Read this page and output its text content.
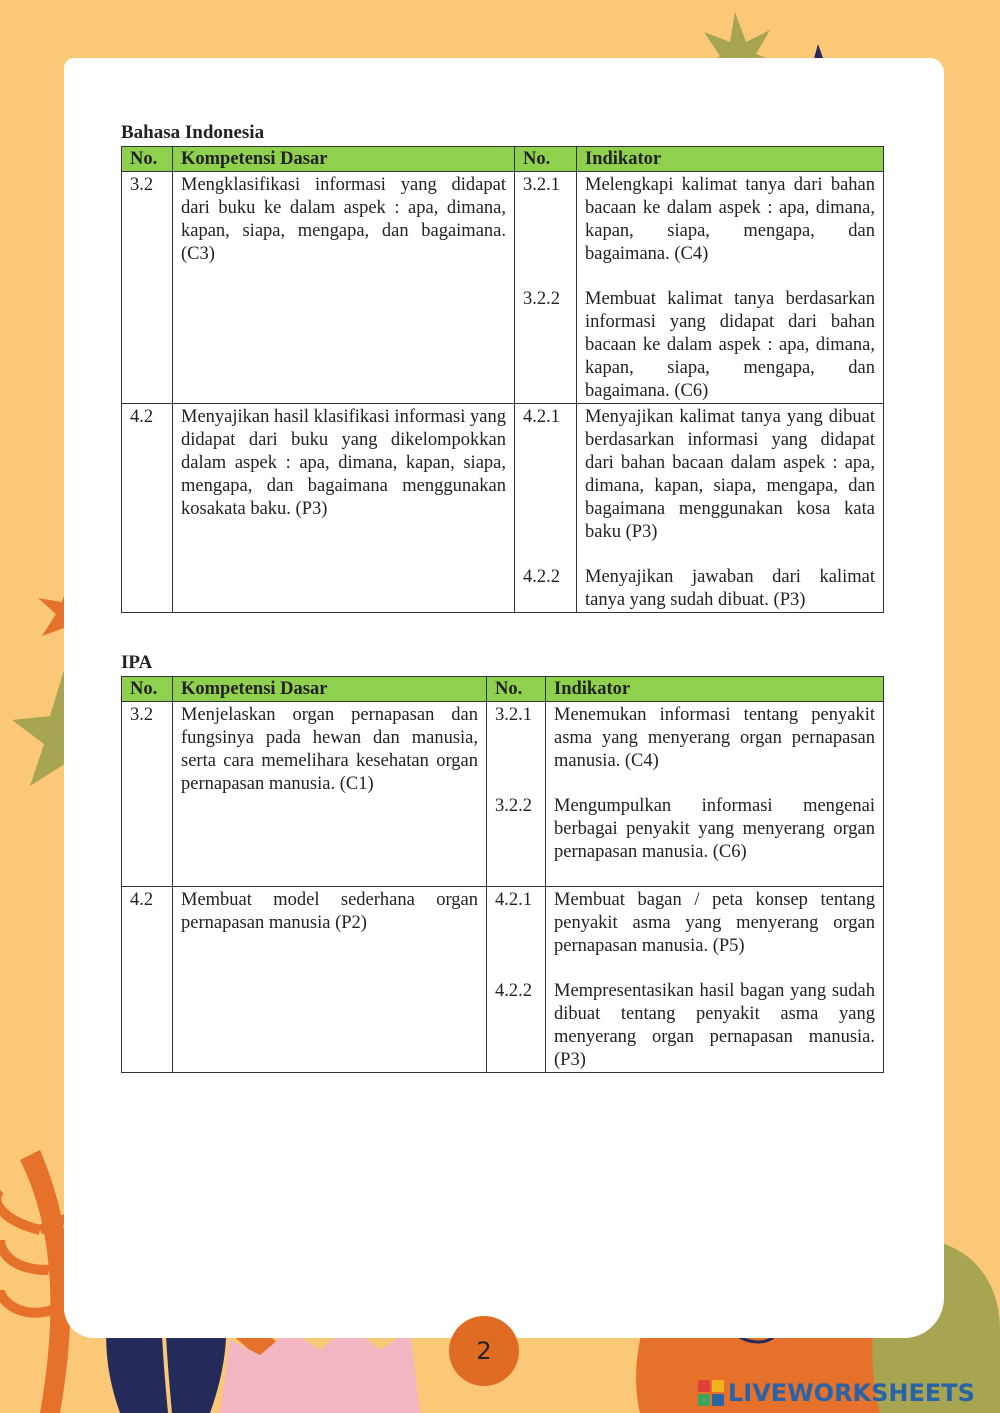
Bahasa Indonesia
No.	Kompetensi Dasar	No.	Indikator
3.2	Mengklasifikasi informasi yang didapat dari buku ke dalam aspek : apa, dimana, kapan, siapa, mengapa, dan bagaimana. (C3)	3.2.1	Melengkapi kalimat tanya dari bahan bacaan ke dalam aspek : apa, dimana, kapan, siapa, mengapa, dan bagaimana. (C4)
		3.2.2	Membuat kalimat tanya berdasarkan informasi yang didapat dari bahan bacaan ke dalam aspek : apa, dimana, kapan, siapa, mengapa, dan bagaimana. (C6)
4.2	Menyajikan hasil klasifikasi informasi yang didapat dari buku yang dikelompokkan dalam aspek : apa, dimana, kapan, siapa, mengapa, dan bagaimana menggunakan kosakata baku. (P3)	4.2.1	Menyajikan kalimat tanya yang dibuat berdasarkan informasi yang didapat dari bahan bacaan dalam aspek : apa, dimana, kapan, siapa, mengapa, dan bagaimana menggunakan kosa kata baku (P3)
		4.2.2	Menyajikan jawaban dari kalimat tanya yang sudah dibuat. (P3)
IPA
No.	Kompetensi Dasar	No.	Indikator
3.2	Menjelaskan organ pernapasan dan fungsinya pada hewan dan manusia, serta cara memelihara kesehatan organ pernapasan manusia. (C1)	3.2.1	Menemukan informasi tentang penyakit asma yang menyerang organ pernapasan manusia. (C4)
		3.2.2	Mengumpulkan informasi mengenai berbagai penyakit yang menyerang organ pernapasan manusia. (C6)
4.2	Membuat model sederhana organ pernapasan manusia (P2)	4.2.1	Membuat bagan / peta konsep tentang penyakit asma yang menyerang organ pernapasan manusia. (P5)
		4.2.2	Mempresentasikan hasil bagan yang sudah dibuat tentang penyakit asma yang menyerang organ pernapasan manusia. (P3)
2
LIVEWORKSHEETS
